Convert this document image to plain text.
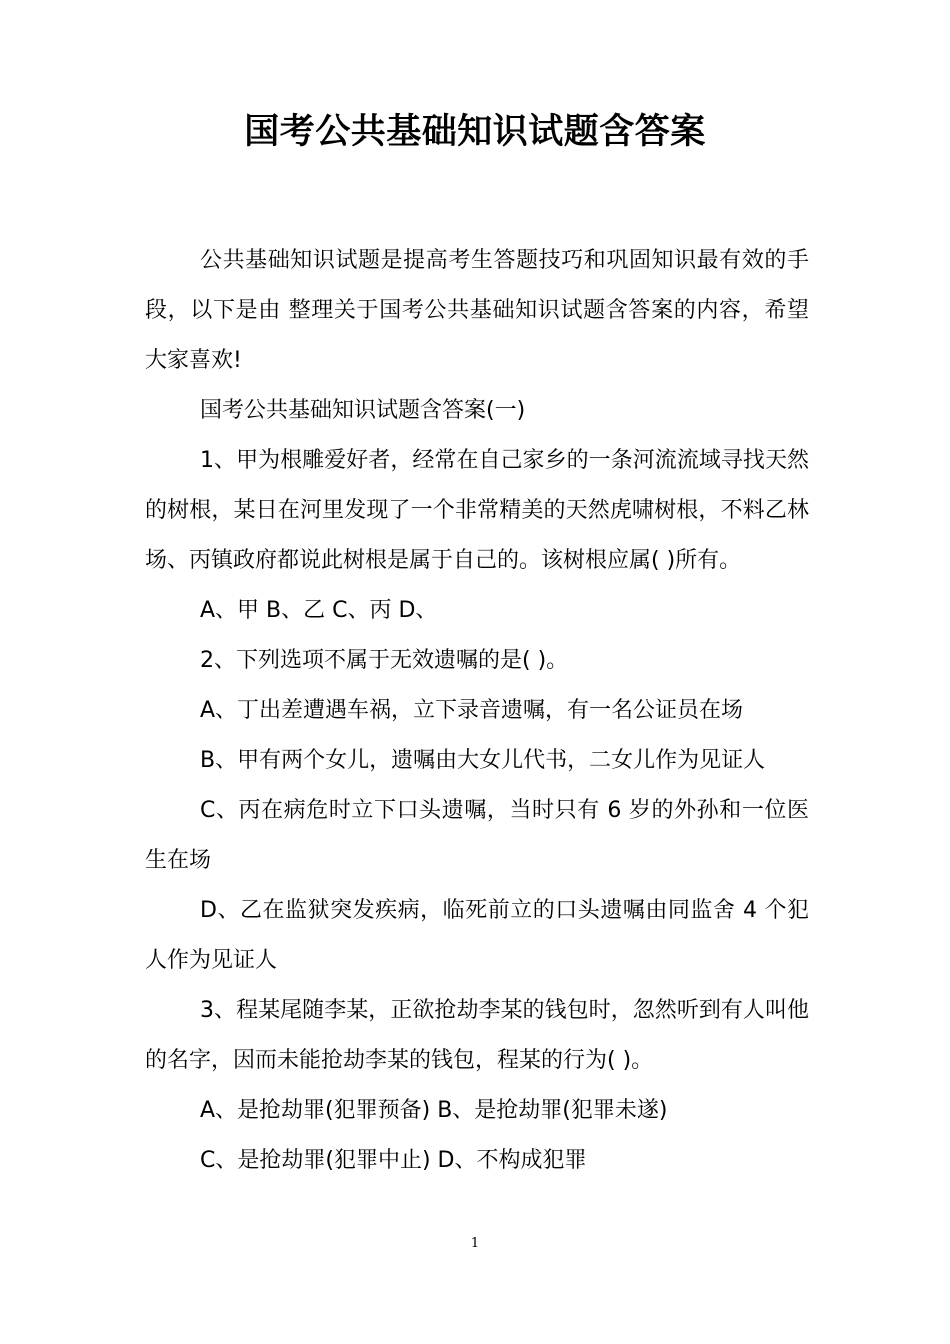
国考公共基础知识试题含答案

公共基础知识试题是提高考生答题技巧和巩固知识最有效的手段，以下是由 整理关于国考公共基础知识试题含答案的内容，希望大家喜欢!

国考公共基础知识试题含答案(一)

1、甲为根雕爱好者，经常在自己家乡的一条河流流域寻找天然的树根，某日在河里发现了一个非常精美的天然虎啸树根，不料乙林场、丙镇政府都说此树根是属于自己的。该树根应属( )所有。

A、甲 B、乙 C、丙 D、

2、下列选项不属于无效遗嘱的是( )。

A、丁出差遭遇车祸，立下录音遗嘱，有一名公证员在场

B、甲有两个女儿，遗嘱由大女儿代书，二女儿作为见证人

C、丙在病危时立下口头遗嘱，当时只有 6 岁的外孙和一位医生在场

D、乙在监狱突发疾病，临死前立的口头遗嘱由同监舍 4 个犯人作为见证人

3、程某尾随李某，正欲抢劫李某的钱包时，忽然听到有人叫他的名字，因而未能抢劫李某的钱包，程某的行为( )。

A、是抢劫罪(犯罪预备) B、是抢劫罪(犯罪未遂)

C、是抢劫罪(犯罪中止) D、不构成犯罪

1
